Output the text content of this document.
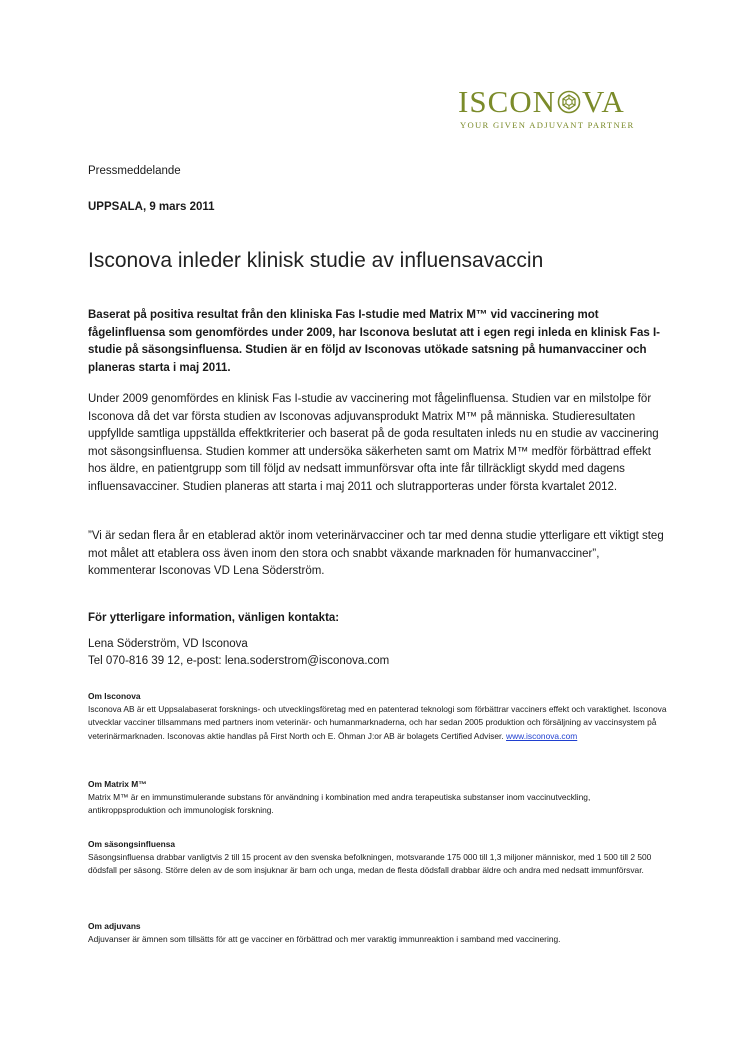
ISCON VA
YOUR GIVEN ADJUVANT PARTNER
Pressmeddelande
UPPSALA, 9 mars 2011
Isconova inleder klinisk studie av influensavaccin
Baserat på positiva resultat från den kliniska Fas I-studie med Matrix M™ vid vaccinering mot fågelinfluensa som genomfördes under 2009, har Isconova beslutat att i egen regi inleda en klinisk Fas I-studie på säsongsinfluensa. Studien är en följd av Isconovas utökade satsning på humanvacciner och planeras starta i maj 2011.
Under 2009 genomfördes en klinisk Fas I-studie av vaccinering mot fågelinfluensa. Studien var en milstolpe för Isconova då det var första studien av Isconovas adjuvansprodukt Matrix M™ på människa. Studieresultaten uppfyllde samtliga uppställda effektkriterier och baserat på de goda resultaten inleds nu en studie av vaccinering mot säsongsinfluensa. Studien kommer att undersöka säkerheten samt om Matrix M™ medför förbättrad effekt hos äldre, en patientgrupp som till följd av nedsatt immunförsvar ofta inte får tillräckligt skydd med dagens influensavacciner. Studien planeras att starta i maj 2011 och slutrapporteras under första kvartalet 2012.
”Vi är sedan flera år en etablerad aktör inom veterinärvacciner och tar med denna studie ytterligare ett viktigt steg mot målet att etablera oss även inom den stora och snabbt växande marknaden för humanvacciner”, kommenterar Isconovas VD Lena Söderström.
För ytterligare information, vänligen kontakta:
Lena Söderström, VD Isconova
Tel 070-816 39 12, e-post: lena.soderstrom@isconova.com
Om Isconova
Isconova AB är ett Uppsalabaserat forsknings- och utvecklingsföretag med en patenterad teknologi som förbättrar vacciners effekt och varaktighet. Isconova utvecklar vacciner tillsammans med partners inom veterinär- och humanmarknaderna, och har sedan 2005 produktion och försäljning av vaccinsystem på veterinärmarknaden. Isconovas aktie handlas på First North och E. Öhman J:or AB är bolagets Certified Adviser. www.isconova.com
Om Matrix M™
Matrix M™ är en immunstimulerande substans för användning i kombination med andra terapeutiska substanser inom vaccinutveckling, antikroppsproduktion och immunologisk forskning.
Om säsongsinfluensa
Säsongsinfluensa drabbar vanligtvis 2 till 15 procent av den svenska befolkningen, motsvarande 175 000 till 1,3 miljoner människor, med 1 500 till 2 500 dödsfall per säsong. Större delen av de som insjuknar är barn och unga, medan de flesta dödsfall drabbar äldre och andra med nedsatt immunförsvar.
Om adjuvans
Adjuvanser är ämnen som tillsätts för att ge vacciner en förbättrad och mer varaktig immunreaktion i samband med vaccinering.
